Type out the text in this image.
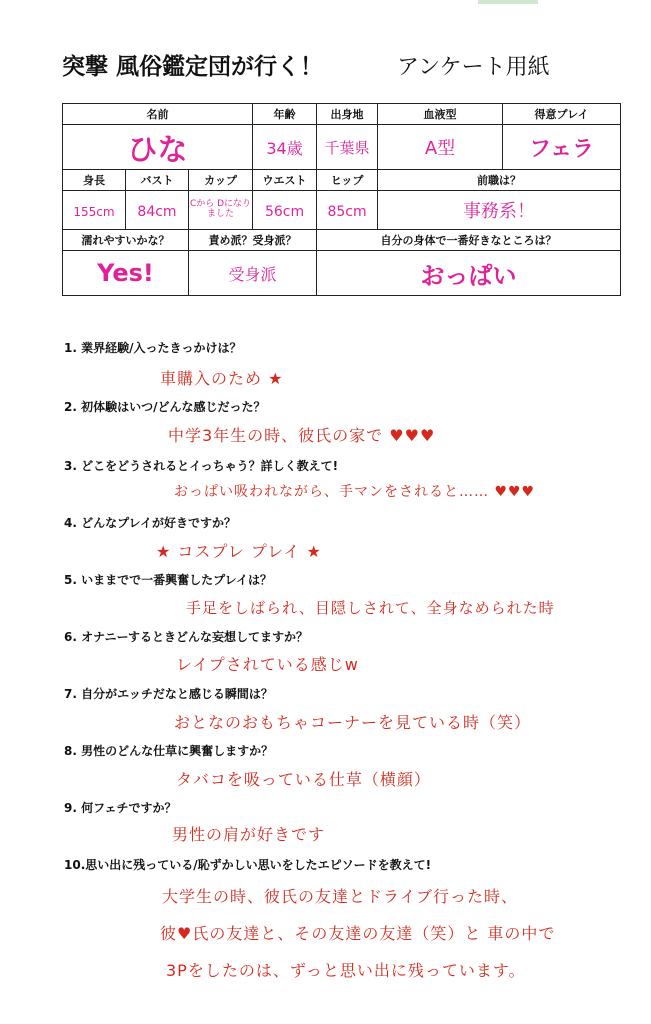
突撃 風俗鑑定団が行く！	アンケート用紙
名前			年齢	出身地	血液型	得意プレイ
ひな			34歳	千葉県	A型	フェラ
身長	バスト	カップ	ウエスト	ヒップ	前職は？	
155cm	84cm	Cから Dになりました	56cm	85cm	事務系！	
濡れやすいかな？		責め派？受身派？		自分の身体で一番好きなところは？		
Yes!		受身派		おっぱい		
1. 業界経験/入ったきっかけは？
車購入のため ★
2. 初体験はいつ/どんな感じだった？
中学3年生の時、彼氏の家で ♥♥♥
3. どこをどうされるとイっちゃう？詳しく教えて!
おっぱい吸われながら、手マンをされると…… ♥♥♥
4. どんなプレイが好きですか？
★ コスプレ プレイ ★
5. いままでで一番興奮したプレイは？
手足をしばられ、目隠しされて、全身なめられた時
6. オナニーするときどんな妄想してますか？
レイプされている感じw
7. 自分がエッチだなと感じる瞬間は？
おとなのおもちゃコーナーを見ている時（笑）
8. 男性のどんな仕草に興奮しますか？
タバコを吸っている仕草（横顔）
9. 何フェチですか？
男性の肩が好きです
10.思い出に残っている/恥ずかしい思いをしたエピソードを教えて!
大学生の時、彼氏の友達とドライブ行った時、
彼♥氏の友達と、その友達の友達（笑）と 車の中で
3Pをしたのは、ずっと思い出に残っています。
